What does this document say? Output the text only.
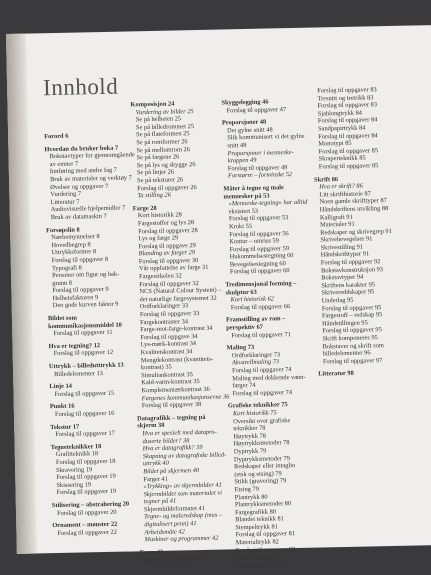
Innhold
Forord 6
Hvordan du bruker boka 7
Bokstavtyper for gjennomgående
av emner 7
Innføring med andre fag 7
Bruk av materialer og verktøy 7
Øvelser og oppgaver 7
Vurdering 7
Litteratur 7
Audiovisuelle hjelpemidler 7
Bruk av datamaskin 7
Forsøpslin 8
Nærbemynnelser 8
Hovedbegrep 8
Uttrykksformer 8
Forslag til oppgaver 8
Typografi 8
Personer om figur og bak-
grunn 8
Forslag til oppgaver 9
Helhetsfaktoren 9
Den gode kurven faktor 9
Bildet som
kommunikasjonsmiddel 10
Forslag til oppgaver 11
Hva er tegning? 12
Forslag til oppgaver 12
Uttrykk – billedutttrykk 13
Billedelementer 13
Linje 14
Forslag til oppgaver 15
Punkt 16
Forslag til oppgaver 16
Tekstur 17
Forslag til oppgaver 17
Tegneteknikker 18
Grafitteknikk 18
Forslag til oppgaver 18
Skravering 19
Forslag til oppgaver 19
Skissering 19
Forslag til oppgaver 19
Stilisering – abstrahering 20
Forslag til oppgaver 20
Ornament – mønster 22
Forslag til oppgaver 22
Komposisjon 24
Vurdering av bilder 25
Se på helheten 25
Se på billedrommet 25
Se på flateformen 25
Se på romformer 26
Se på mellomrom 26
Se på fargene 26
Se på lys og skygge 26
Se på linjer 26
Se på teksturer 26
Forslag til oppgaver 26
Ta stilling 26
Farge 28
Kort historikk 28
Fargestoffer og lys 28
Forslag til oppgaver 28
Lys og farge 29
Forslag til oppgave 29
Blanding av farger 29
Forslag til oppgaver 30
Vår oppfattelse av farge 31
Fargesirkelen 32
Forslag til oppgaver 32
NCS (Natural Colour System) –
det naturlige fargesystemet 32
Ordforklaringer 33
Forslag til oppgaver 33
Fargekontraster 34
Farge-mot-farge-kontrast 34
Forslag til oppgave 34
Lys-mørk-kontrast 34
Kvalitetskontrast 34
Mengdekontrast (kvantitets-
kontrast) 35
Simultankontrast 35
Kald-varm-kontrast 35
Komplementærkontrast 36
Fargenes kommunikasjonsevne 36
Forslag til oppgaver 38
Datagrafikk – tegning på
skjerm 38
Hva er spesielt med datapro-
duserte bilder? 38
Hva er datagrafikk? 39
Skapning av datagrafiske billed-
uttrykk 40
Bildet på skjermen 40
Farger 41
«Trykking» av skjermbilder 41
Skjermbildet som materialet vi
tegner på 41
Skjermbildeformatet 41
Tegne- og maleredskap (mus –
digitalisert penn) 41
Arbeidsmåte 42
Maskiner og programmer 42
Form 43
Forslag til oppgaver 43
Skyggelegging 46
Forslag til oppgaver 47
Proporsjoner 48
Det gylne snitt 48
Slik kommunisert vi det gylne
snitt 48
Proporsjoner i menneske-
kroppen 49
Forslag til oppgaver 49
Forstørre – forminske 52
Måter å tegne og male
mennesker på 53
«Menneske-tegning» har alltid
eksistert 53
Forslag til oppgaver 53
Kroki 55
Forslag til oppgaver 56
Kontur – omriss 59
Forslag til oppgaver 59
Hukommelsestegning 60
Bevegelsestegning 60
Forslag til oppgaver 60
Tredimensjonal forming –
skulptur 63
Kort historisk 62
Forslag til oppgaver 66
Framstilling av rom –
perspektiv 67
Forslag til oppgaver 71
Maling 73
Ordforklaringer 73
Akvarellmaling 73
Forslag til oppgaver 74
Maling med dekkende vann-
farger 74
Forslag til oppgaver 74
Grafiske teknikker 75
Kort historikk 75
Oversikt over grafiske
teknikker 78
Høytrykk 78
Høytrykksmetoder 78
Dyptrykk 79
Dyptrykksmetoder 79
Redskaper eller intaglio
(etsk og etsing) 79
Stikk (gravering) 79
Etsing 79
Plantrykk 80
Plantrykksmetoder 80
Fargegrafikk 80
Blandet teknikk 81
Stempeltrykk 81
Forslag til oppgaver 81
Materialtrykk 82
Forslag til oppgaver 82
Linoleumssnitt –
linoleumstrykk 82
Forslag til oppgaver 83
Tresnitt og tretrikk 83
Forslag til oppgaver 83
Sjablongtrykk 84
Forslag til oppgaver 84
Sandpapirtrykk 84
Forslag til oppgaver 84
Monotypi 85
Forslag til oppgaver 85
Skraperteknikk 85
Forslag til oppgaver 85
Skrift 86
Hva er skrift? 86
Litt skrifthistorie 87
Noen gamle skrifttyper 87
Håndskriftens utvikling 88
Kalligrafi 91
Materialer 91
Redskaper og skrivegrep 91
Skrivebevegelser 91
Skrivestilling 91
Håndskrifttyper 91
Forslag til oppgaver 92
Bokstavkonstruksjon 93
Bokstavtyper 94
Skriftens karakter 95
Skrivereddskaper 95
Underlag 95
Forslag til oppgaver 95
Fargestoff – redskap 95
Håndstillingen 95
Forslag til oppgaver 95
Skrift komponeres 95
Bokstaver og skrift som
billedelementer 96
Forslag til oppgaver 97
Litteratur 98
